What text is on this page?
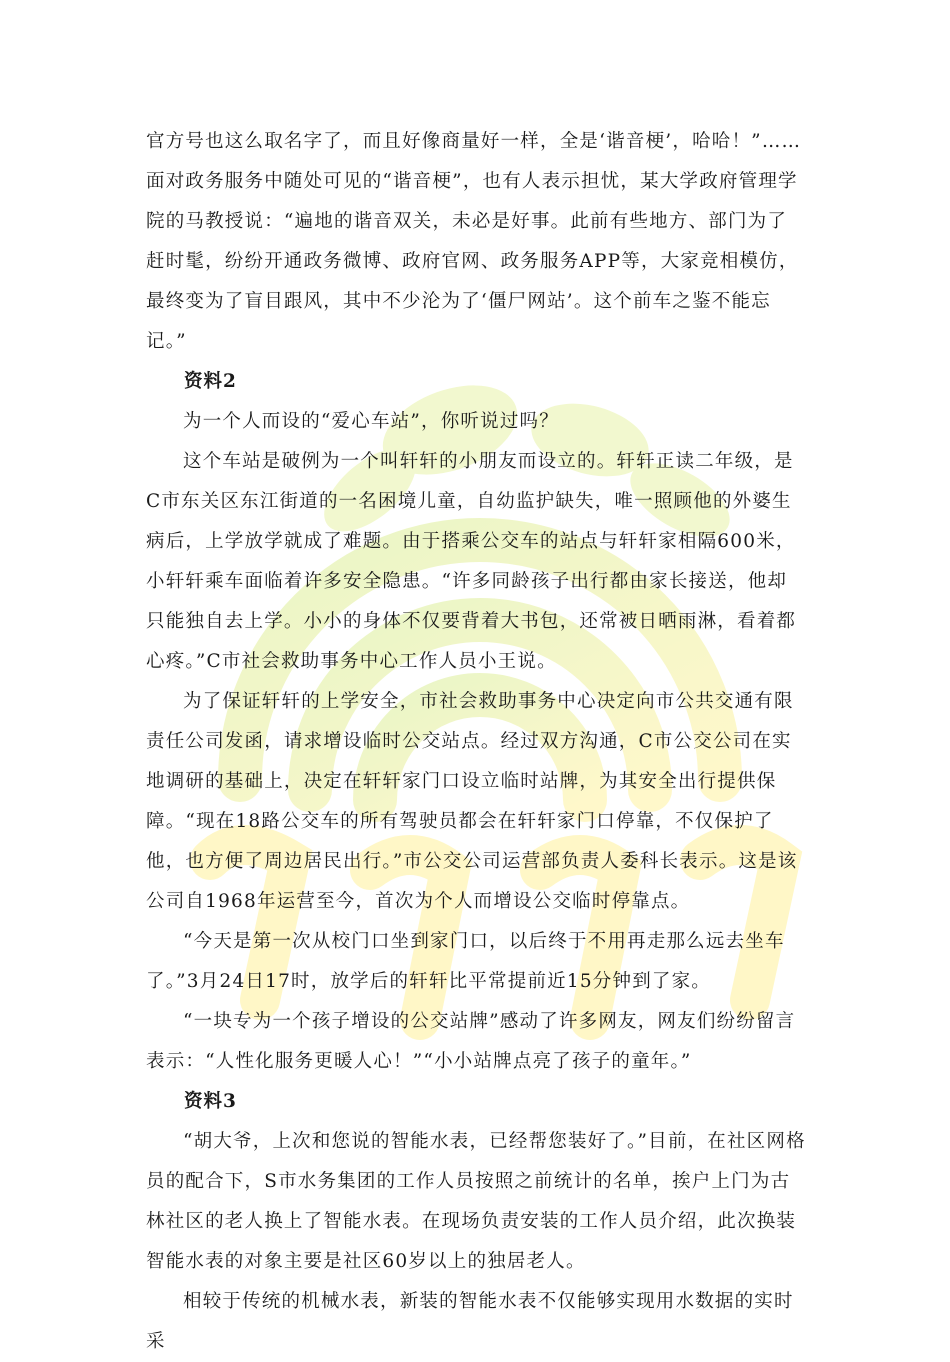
官方号也这么取名字了，而且好像商量好一样，全是‘谐音梗’，哈哈！”……面对政务服务中随处可见的“谐音梗”，也有人表示担忧，某大学政府管理学院的马教授说：“遍地的谐音双关，未必是好事。此前有些地方、部门为了赶时髦，纷纷开通政务微博、政府官网、政务服务APP等，大家竞相模仿，最终变为了盲目跟风，其中不少沦为了‘僵尸网站’。这个前车之鉴不能忘记。”

资料2

为一个人而设的“爱心车站”，你听说过吗？

这个车站是破例为一个叫轩轩的小朋友而设立的。轩轩正读二年级，是C市东关区东江街道的一名困境儿童，自幼监护缺失，唯一照顾他的外婆生病后，上学放学就成了难题。由于搭乘公交车的站点与轩轩家相隔600米，小轩轩乘车面临着许多安全隐患。“许多同龄孩子出行都由家长接送，他却只能独自去上学。小小的身体不仅要背着大书包，还常被日晒雨淋，看着都心疼。”C市社会救助事务中心工作人员小王说。

为了保证轩轩的上学安全，市社会救助事务中心决定向市公共交通有限责任公司发函，请求增设临时公交站点。经过双方沟通，C市公交公司在实地调研的基础上，决定在轩轩家门口设立临时站牌，为其安全出行提供保障。“现在18路公交车的所有驾驶员都会在轩轩家门口停靠，不仅保护了他，也方便了周边居民出行。”市公交公司运营部负责人委科长表示。这是该公司自1968年运营至今，首次为个人而增设公交临时停靠点。

“今天是第一次从校门口坐到家门口，以后终于不用再走那么远去坐车了。”3月24日17时，放学后的轩轩比平常提前近15分钟到了家。

“一块专为一个孩子增设的公交站牌”感动了许多网友，网友们纷纷留言表示：“人性化服务更暖人心！”“小小站牌点亮了孩子的童年。”

资料3

“胡大爷，上次和您说的智能水表，已经帮您装好了。”目前，在社区网格员的配合下，S市水务集团的工作人员按照之前统计的名单，挨户上门为古林社区的老人换上了智能水表。在现场负责安装的工作人员介绍，此次换装智能水表的对象主要是社区60岁以上的独居老人。

相较于传统的机械水表，新装的智能水表不仅能够实现用水数据的实时采
